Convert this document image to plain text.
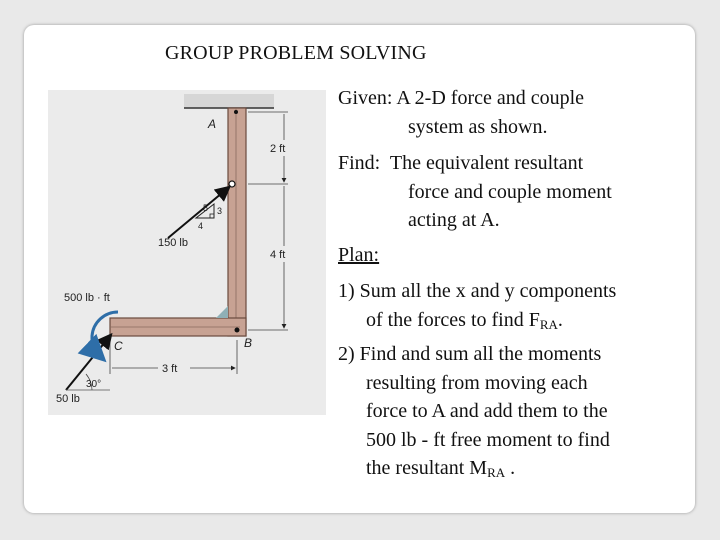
GROUP PROBLEM SOLVING
A
B
C
2 ft
4 ft
3 ft
150 lb
50 lb
500 lb · ft
30°
5 3
4

Given: A 2-D force and couple

system as shown.

Find: The equivalent resultant

force and couple moment

acting at A.

Plan:

1) Sum all the x and y components

of the forces to find $F_{RA}$.

2) Find and sum all the moments

resulting from moving each

force to A and add them to the

500 lb - ft free moment to find

the resultant $M_{RA}$ .
